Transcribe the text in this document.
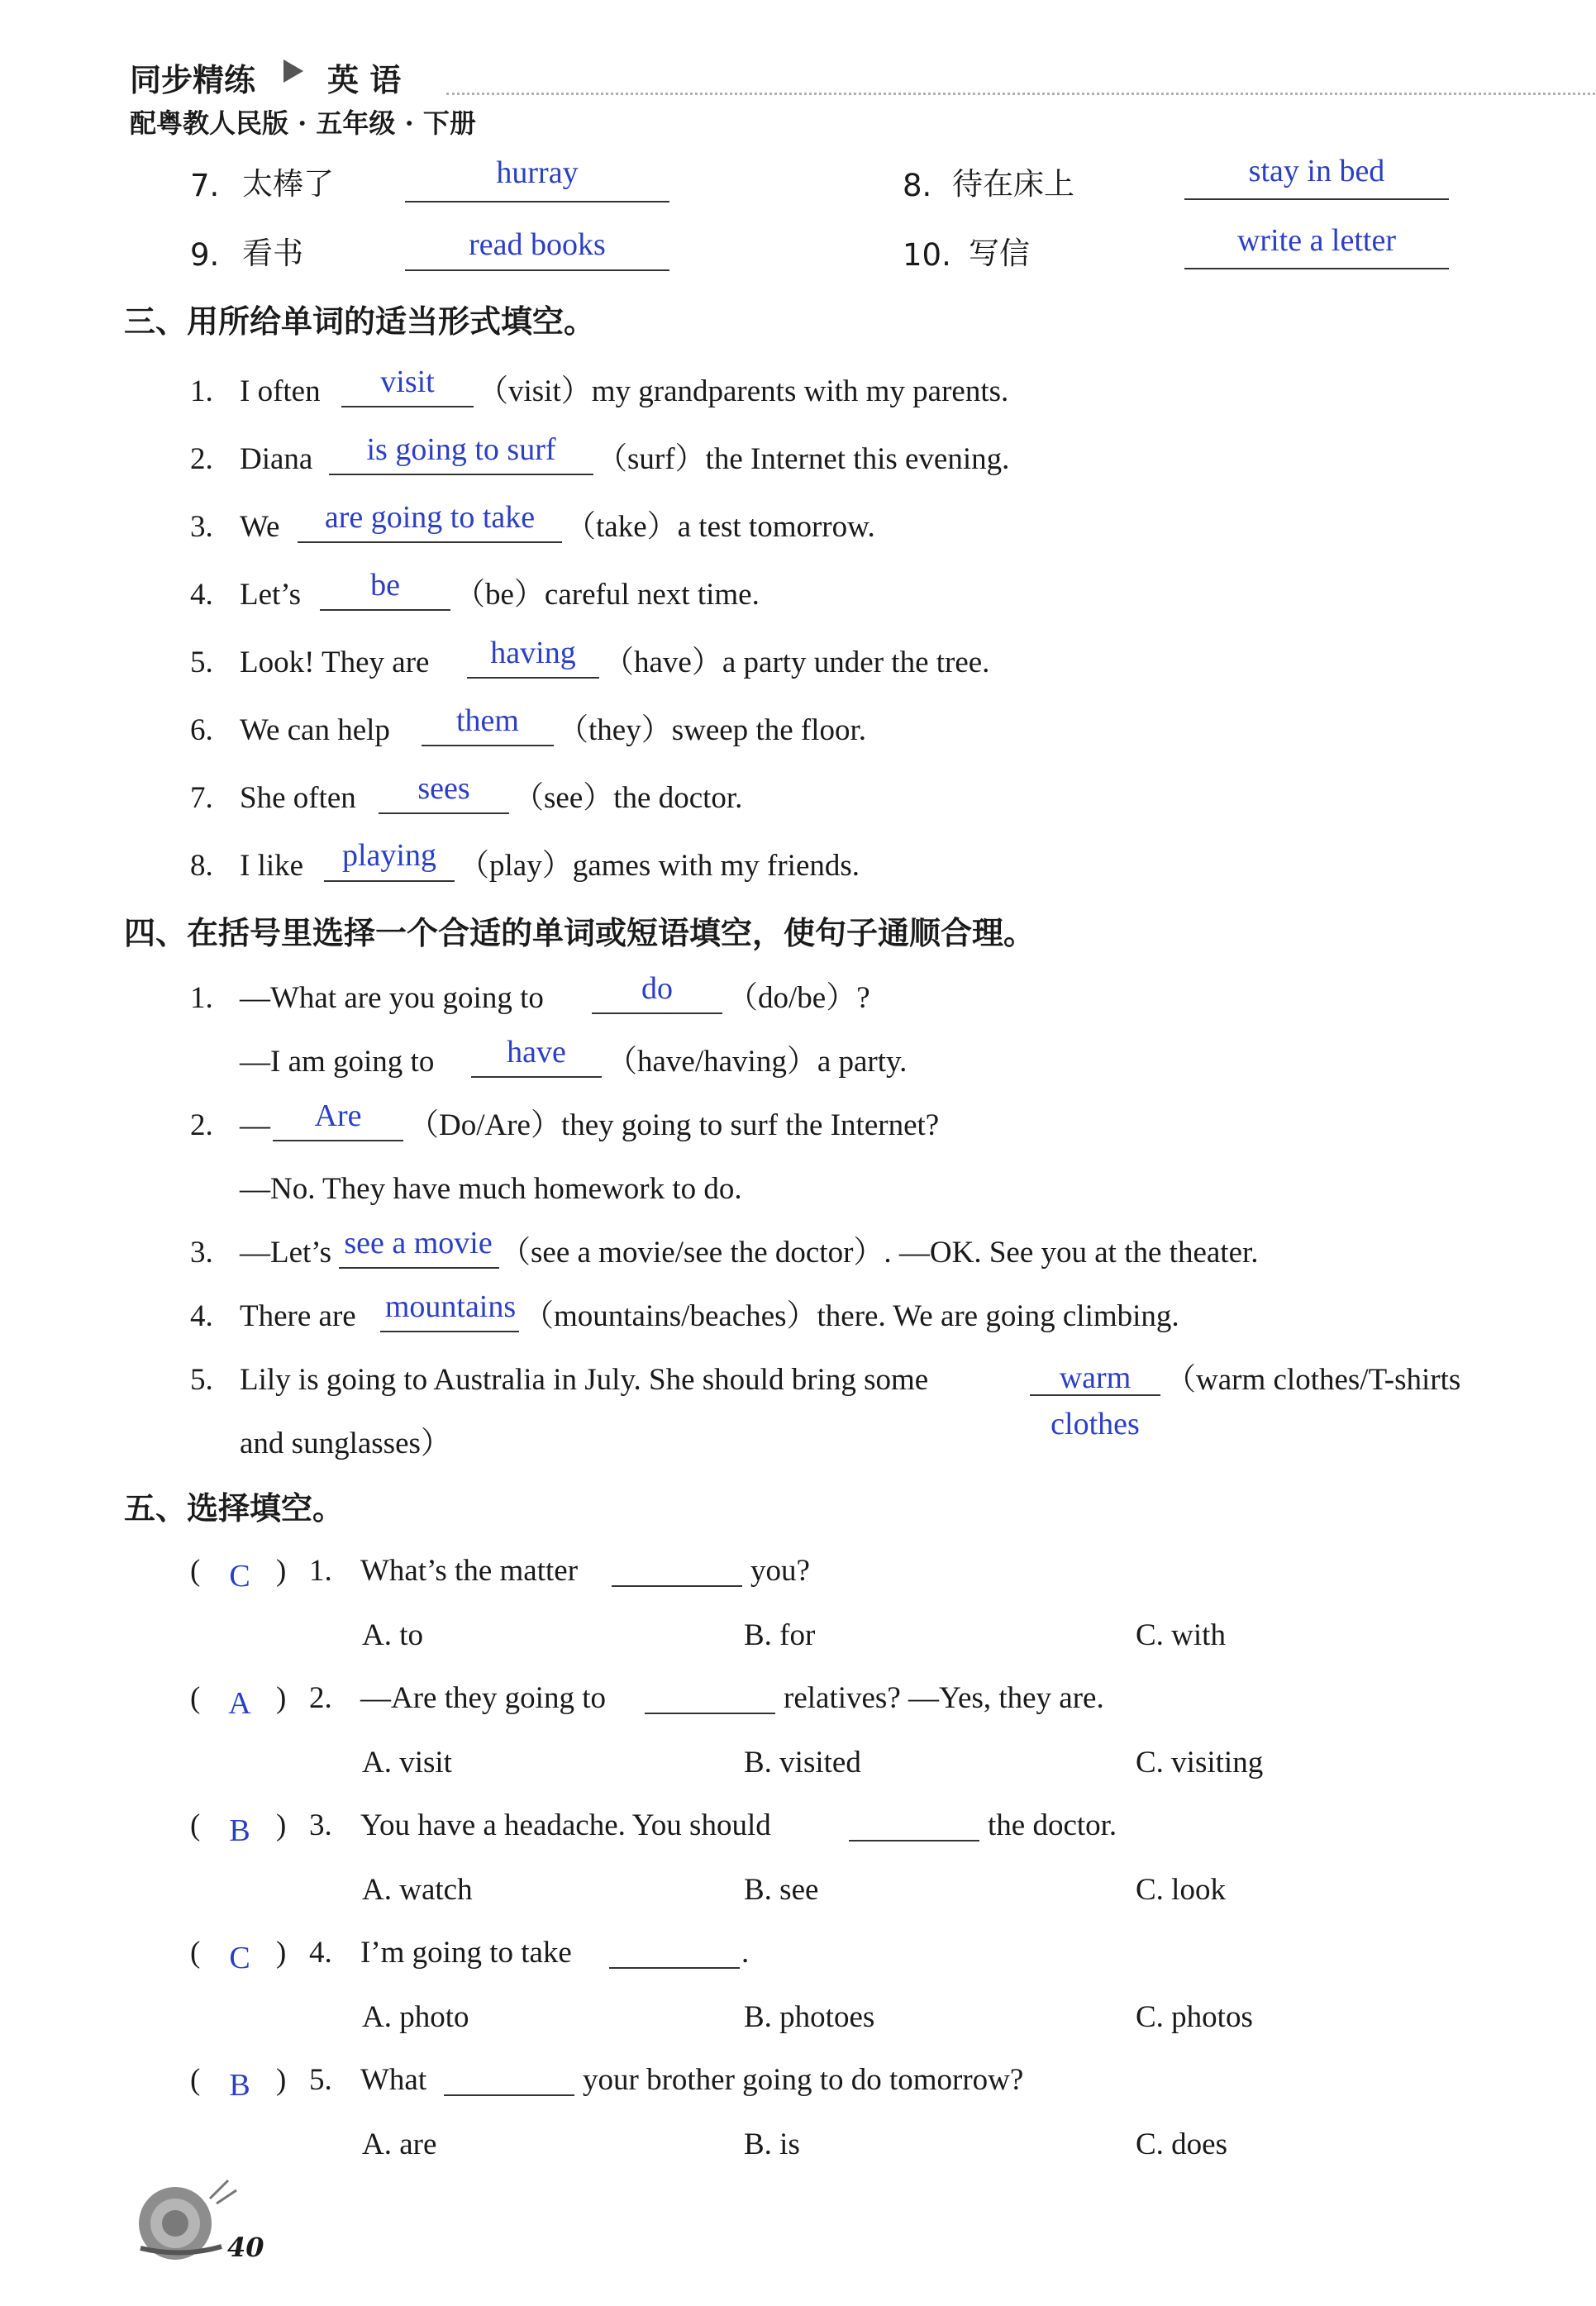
同步精练 英 语
配粤教人民版 · 五年级 · 下册
7. 太棒了	hurray	8. 待在床上	stay in bed
9. 看书	read books	10. 写信	write a letter
三、用所给单词的适当形式填空。
1. I often	visit	（visit）my grandparents with my parents.
2. Diana	is going to surf	（surf）the Internet this evening.
3. We	are going to take （take）a test tomorrow.
4. Let’s	be	（be）careful next time.
5. Look! They are	having （have）a party under the tree.
6. We can help	them	（they）sweep the floor.
7. She often	sees	（see）the doctor.
8. I like	playing （play）games with my friends.
四、在括号里选择一个合适的单词或短语填空，使句子通顺合理。
1. —What are you going to	do	（do/be）?
—I am going to	have	（have/having）a party.
2. —	Are	（Do/Are）they going to surf the Internet?
—No. They have much homework to do.
3. —Let’s see a movie （see a movie/see the doctor）. —OK. See you at the theater.
4. There are mountains （mountains/beaches）there. We are going climbing.
5. Lily is going to Australia in July. She should bring some	warm
clothes
（warm clothes/T-shirts
and sunglasses）
五、选择填空。
( C ) 1. What’s the matter	you?
A. to	B. for	C. with
( A ) 2. —Are they going to	relatives? —Yes, they are.
A. visit	B. visited	C. visiting
( B ) 3. You have a headache. You should	the doctor.
A. watch	B. see	C. look
( C ) 4. I’m going to take	.
A. photo	B. photoes	C. photos
( B ) 5. What	your brother going to do tomorrow?
A. are	B. is	C. does
40
